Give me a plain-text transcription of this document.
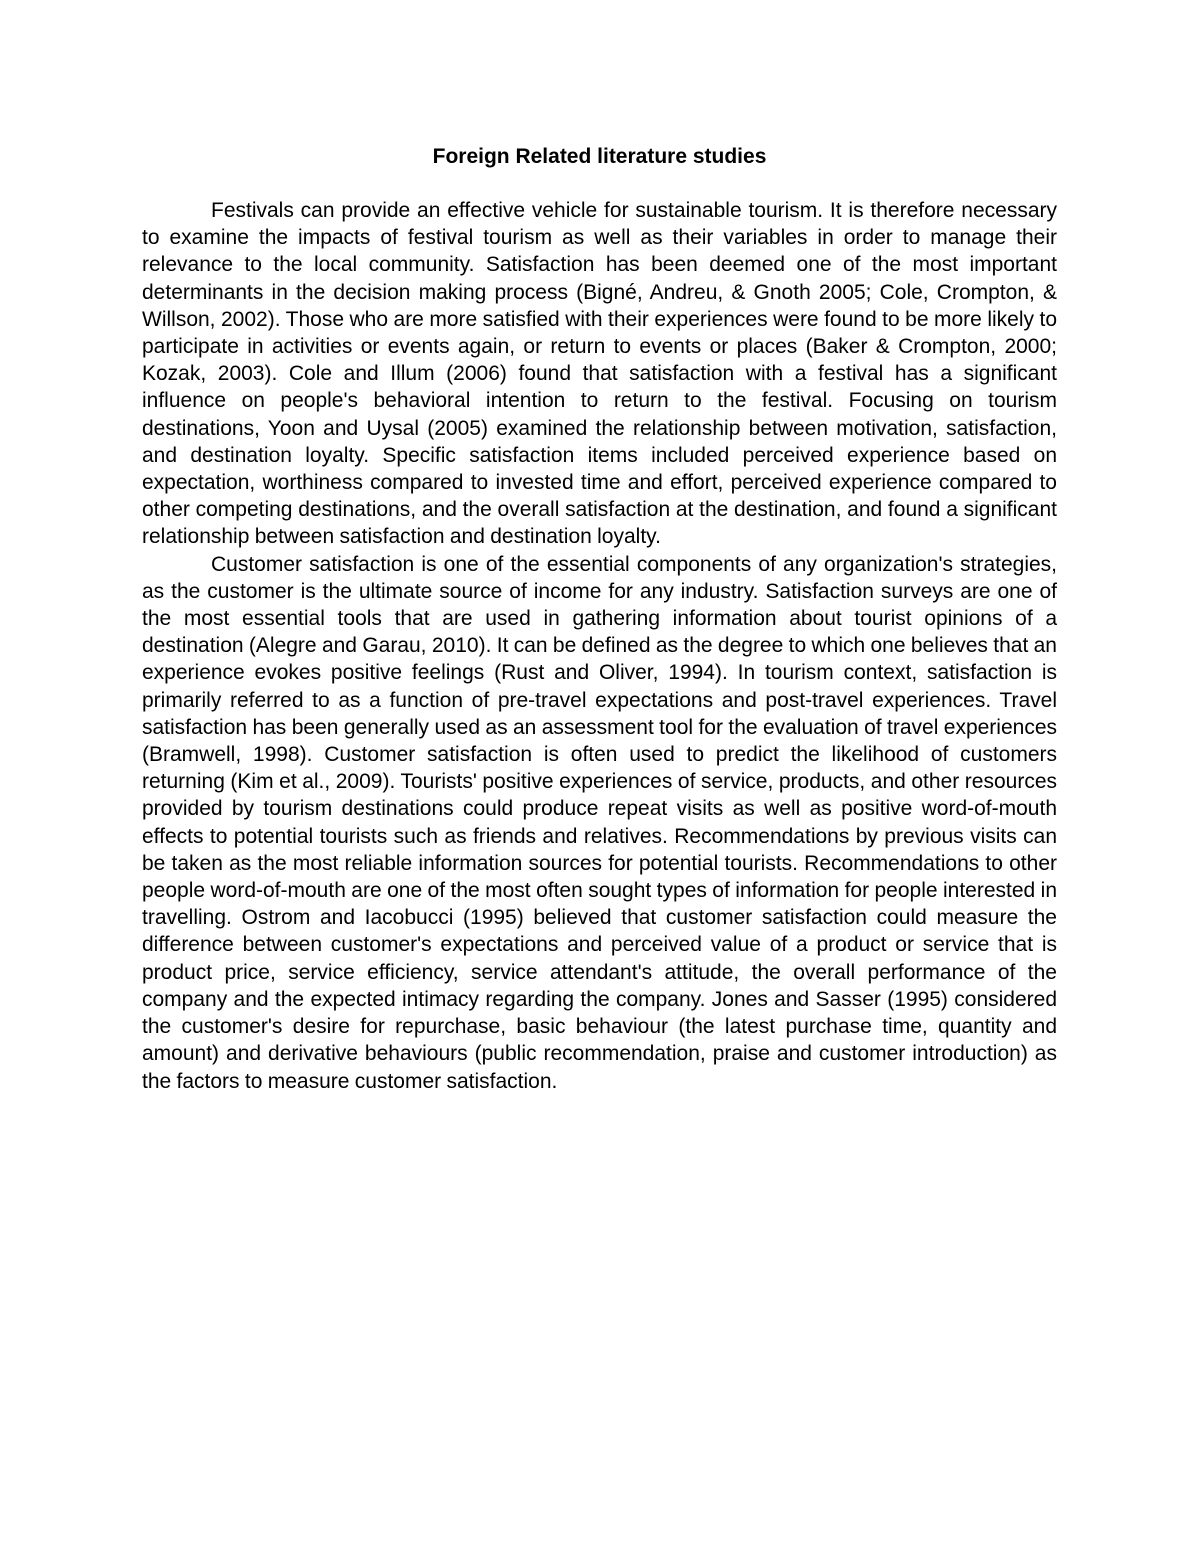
Foreign Related literature studies

Festivals can provide an effective vehicle for sustainable tourism. It is therefore necessary to examine the impacts of festival tourism as well as their variables in order to manage their relevance to the local community. Satisfaction has been deemed one of the most important determinants in the decision making process (Bigné, Andreu, & Gnoth 2005; Cole, Crompton, & Willson, 2002). Those who are more satisfied with their experiences were found to be more likely to participate in activities or events again, or return to events or places (Baker & Crompton, 2000; Kozak, 2003). Cole and Illum (2006) found that satisfaction with a festival has a significant influence on people's behavioral intention to return to the festival. Focusing on tourism destinations, Yoon and Uysal (2005) examined the relationship between motivation, satisfaction, and destination loyalty. Specific satisfaction items included perceived experience based on expectation, worthiness compared to invested time and effort, perceived experience compared to other competing destinations, and the overall satisfaction at the destination, and found a significant relationship between satisfaction and destination loyalty.

Customer satisfaction is one of the essential components of any organization's strategies, as the customer is the ultimate source of income for any industry. Satisfaction surveys are one of the most essential tools that are used in gathering information about tourist opinions of a destination (Alegre and Garau, 2010). It can be defined as the degree to which one believes that an experience evokes positive feelings (Rust and Oliver, 1994). In tourism context, satisfaction is primarily referred to as a function of pre-travel expectations and post-travel experiences. Travel satisfaction has been generally used as an assessment tool for the evaluation of travel experiences (Bramwell, 1998). Customer satisfaction is often used to predict the likelihood of customers returning (Kim et al., 2009). Tourists' positive experiences of service, products, and other resources provided by tourism destinations could produce repeat visits as well as positive word-of-mouth effects to potential tourists such as friends and relatives. Recommendations by previous visits can be taken as the most reliable information sources for potential tourists. Recommendations to other people word-of-mouth are one of the most often sought types of information for people interested in travelling. Ostrom and Iacobucci (1995) believed that customer satisfaction could measure the difference between customer's expectations and perceived value of a product or service that is product price, service efficiency, service attendant's attitude, the overall performance of the company and the expected intimacy regarding the company. Jones and Sasser (1995) considered the customer's desire for repurchase, basic behaviour (the latest purchase time, quantity and amount) and derivative behaviours (public recommendation, praise and customer introduction) as the factors to measure customer satisfaction.
